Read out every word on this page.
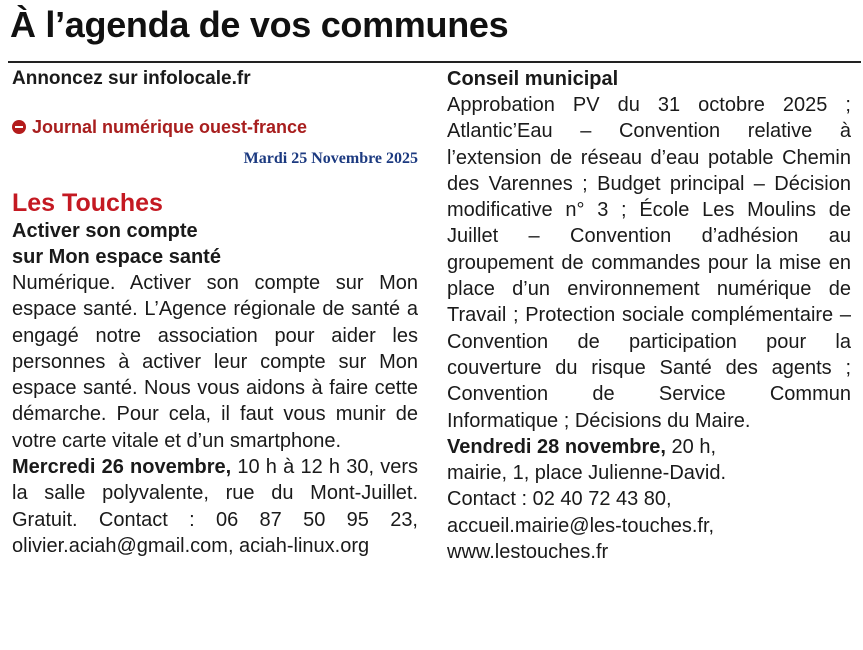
À l’agenda de vos communes

Annoncez sur infolocale.fr

Journal numérique ouest-france
Mardi 25 Novembre 2025
Les Touches

Activer son compte

sur Mon espace santé

Numérique. Activer son compte sur Mon espace santé. L’Agence régionale de santé a engagé notre association pour aider les personnes à activer leur compte sur Mon espace santé. Nous vous aidons à faire cette démarche. Pour cela, il faut vous munir de votre carte vitale et d’un smartphone.

Mercredi 26 novembre, 10 h à 12 h 30, vers la salle polyvalente, rue du Mont-Juillet. Gratuit. Contact : 06 87 50 95 23, olivier.aciah@gmail.com, aciah-linux.org

Conseil municipal

Approbation PV du 31 octobre 2025 ; Atlantic’Eau – Convention relative à l’extension de réseau d’eau potable Chemin des Varennes ; Budget principal – Décision modificative n° 3 ; École Les Moulins de Juillet – Convention d’adhésion au groupement de commandes pour la mise en place d’un environnement numérique de Travail ; Protection sociale complémentaire – Convention de participation pour la couverture du risque Santé des agents ; Convention de Service Commun Informatique ; Décisions du Maire.

Vendredi 28 novembre, 20 h,

mairie, 1, place Julienne-David.

Contact : 02 40 72 43 80,

accueil.mairie@les-touches.fr,

www.lestouches.fr
